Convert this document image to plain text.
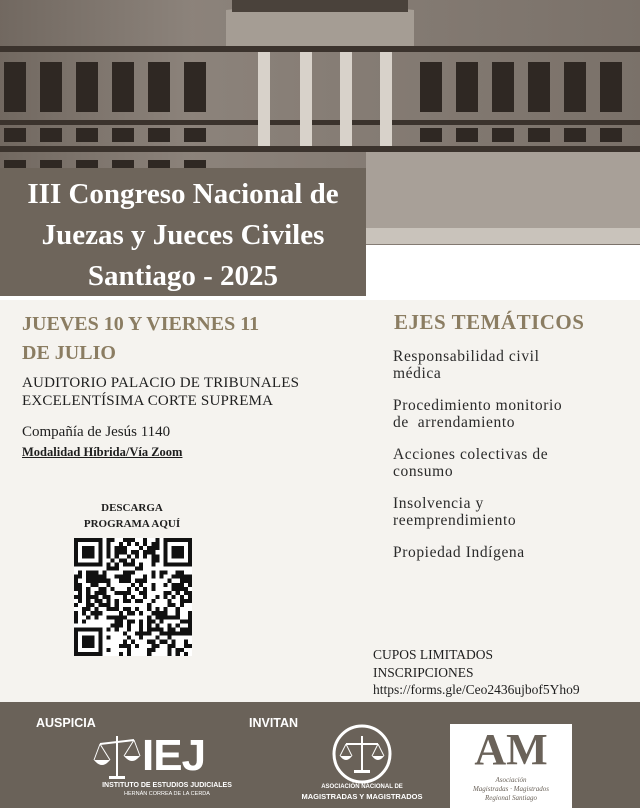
III Congreso Nacional de
Juezas y Jueces Civiles
Santiago - 2025
JUEVES 10 Y VIERNES 11
DE JULIO
AUDITORIO PALACIO DE TRIBUNALES
EXCELENTÍSIMA CORTE SUPREMA
Compañía de Jesús 1140
Modalidad Híbrida/Vía Zoom
DESCARGA
PROGRAMA AQUÍ
EJES TEMÁTICOS
Responsabilidad civil
médica
Procedimiento monitorio
de  arrendamiento
Acciones colectivas de
consumo
Insolvencia y
reemprendimiento
Propiedad Indígena
CUPOS LIMITADOS
INSCRIPCIONES
https://forms.gle/Ceo2436ujbof5Yho9
AUSPICIA	INVITAN
IEJ
INSTITUTO DE ESTUDIOS JUDICIALES
HERNÁN CORREA DE LA CERDA
ASOCIACIÓN NACIONAL DE
MAGISTRADAS Y MAGISTRADOS
AM
Asociación
Magistradas · Magistrados
Regional Santiago
